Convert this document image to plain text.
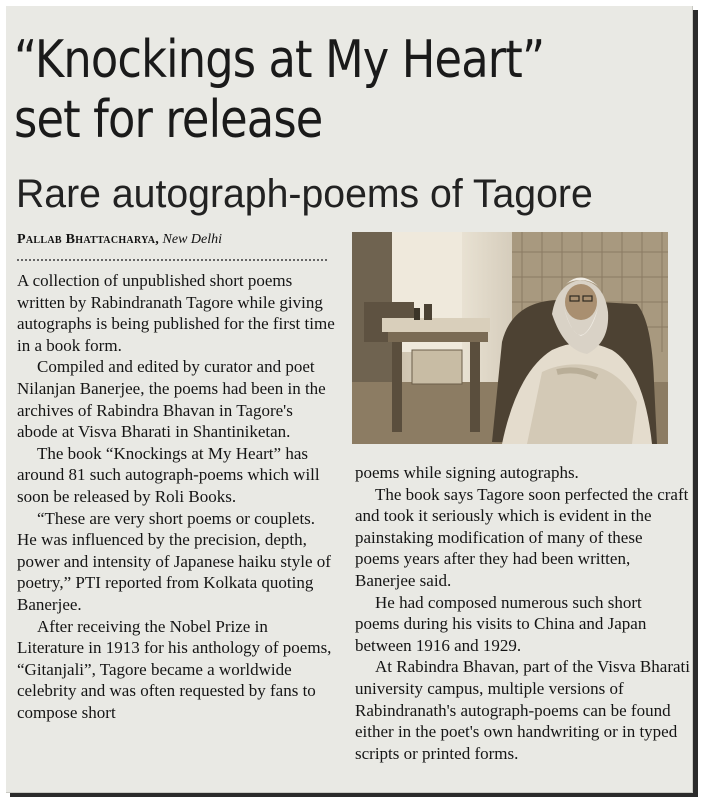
“Knockings at My Heart”
set for release
Rare autograph-poems of Tagore
Pallab Bhattacharya, New Delhi

A collection of unpublished short poems written by Rabindranath Tagore while giving autographs is being published for the first time in a book form.

Compiled and edited by curator and poet Nilanjan Banerjee, the poems had been in the archives of Rabindra Bhavan in Tagore's abode at Visva Bharati in Shantiniketan.

The book “Knockings at My Heart” has around 81 such autograph-poems which will soon be released by Roli Books.

“These are very short poems or couplets. He was influenced by the precision, depth, power and intensity of Japanese haiku style of poetry,” PTI reported from Kolkata quoting Banerjee.

After receiving the Nobel Prize in Literature in 1913 for his anthology of poems, “Gitanjali”, Tagore became a worldwide celebrity and was often requested by fans to compose short

poems while signing autographs.

The book says Tagore soon perfected the craft and took it seriously which is evident in the painstaking modification of many of these poems years after they had been written, Banerjee said.

He had composed numerous such short poems during his visits to China and Japan between 1916 and 1929.

At Rabindra Bhavan, part of the Visva Bharati university campus, multiple versions of Rabindranath's autograph-poems can be found either in the poet's own handwriting or in typed scripts or printed forms.
